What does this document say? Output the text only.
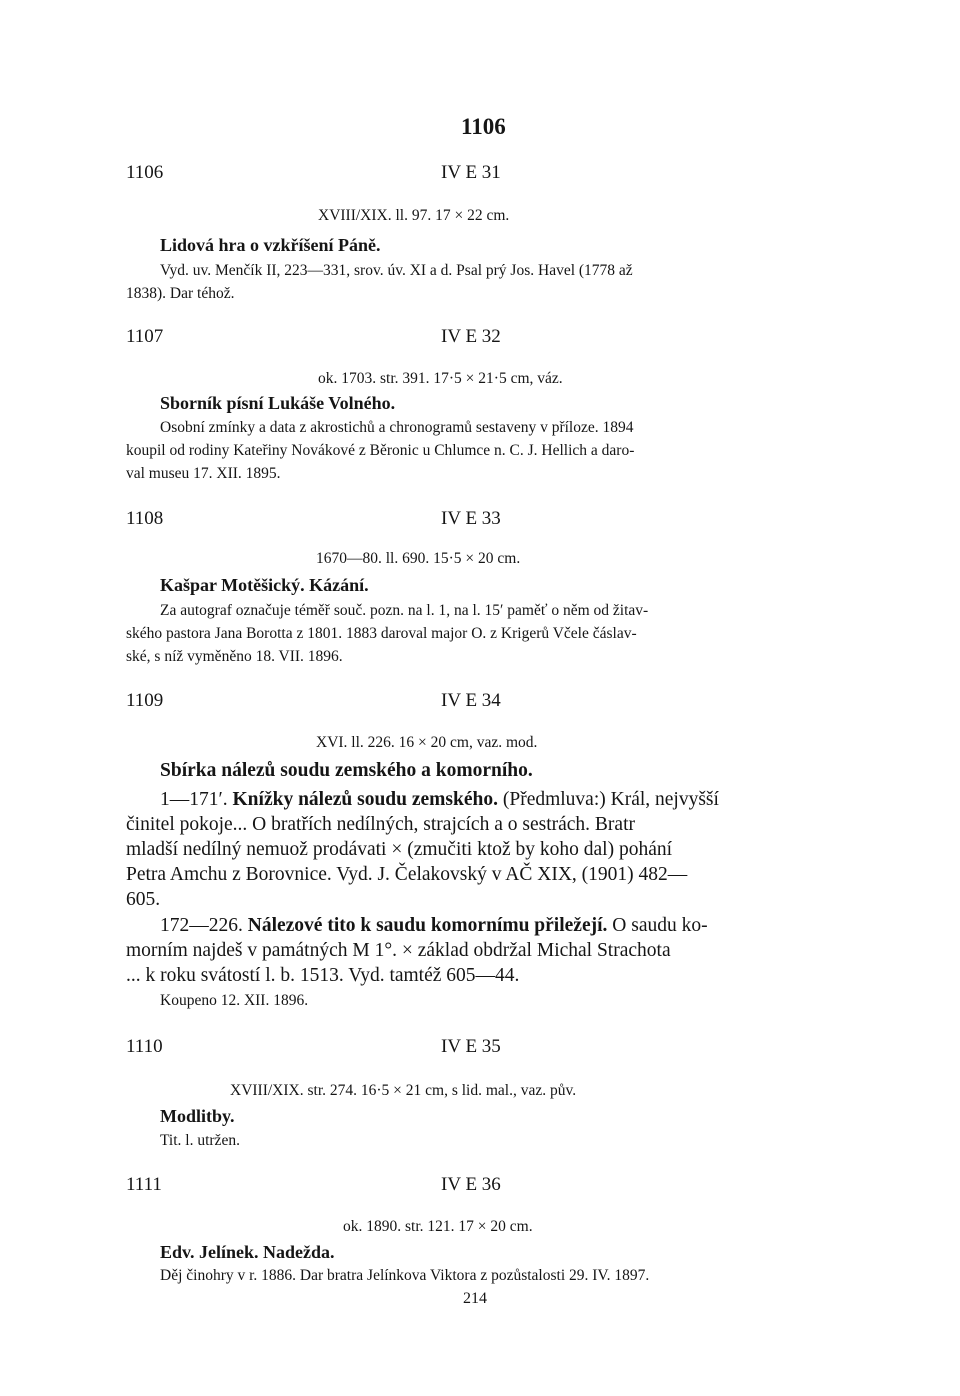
1106
1106	IV E 31
XVIII/XIX. ll. 97. 17 × 22 cm.
Lidová hra o vzkříšení Páně.
Vyd. uv. Menčík II, 223—331, srov. úv. XI a d. Psal prý Jos. Havel (1778 až
1838). Dar téhož.
1107	IV E 32
ok. 1703. str. 391. 17·5 × 21·5 cm, váz.
Sborník písní Lukáše Volného.
Osobní zmínky a data z akrostichů a chronogramů sestaveny v příloze. 1894
koupil od rodiny Kateřiny Novákové z Běronic u Chlumce n. C. J. Hellich a daro-
val museu 17. XII. 1895.
1108	IV E 33
1670—80. ll. 690. 15·5 × 20 cm.
Kašpar Motěšický. Kázání.
Za autograf označuje téměř souč. pozn. na l. 1, na l. 15′ paměť o něm od žitav-
ského pastora Jana Borotta z 1801. 1883 daroval major O. z Krigerů Včele čáslav-
ské, s níž vyměněno 18. VII. 1896.
1109	IV E 34
XVI. ll. 226. 16 × 20 cm, vaz. mod.
Sbírka nálezů soudu zemského a komorního.
1—171′. Knížky nálezů soudu zemského. (Předmluva:) Král, nejvyšší
činitel pokoje... O bratřích nedílných, strajcích a o sestrách. Bratr
mladší nedílný nemuož prodávati × (zmučiti ktož by koho dal) pohání
Petra Amchu z Borovnice. Vyd. J. Čelakovský v AČ XIX, (1901) 482—
605.
172—226. Nálezové tito k saudu komornímu přiležejí. O saudu ko-
morním najdeš v památných M 1°. × základ obdržal Michal Strachota
... k roku svátostí l. b. 1513. Vyd. tamtéž 605—44.
Koupeno 12. XII. 1896.
1110	IV E 35
XVIII/XIX. str. 274. 16·5 × 21 cm, s lid. mal., vaz. pův.
Modlitby.
Tit. l. utržen.
1111	IV E 36
ok. 1890. str. 121. 17 × 20 cm.
Edv. Jelínek. Nadežda.
Děj činohry v r. 1886. Dar bratra Jelínkova Viktora z pozůstalosti 29. IV. 1897.
214
